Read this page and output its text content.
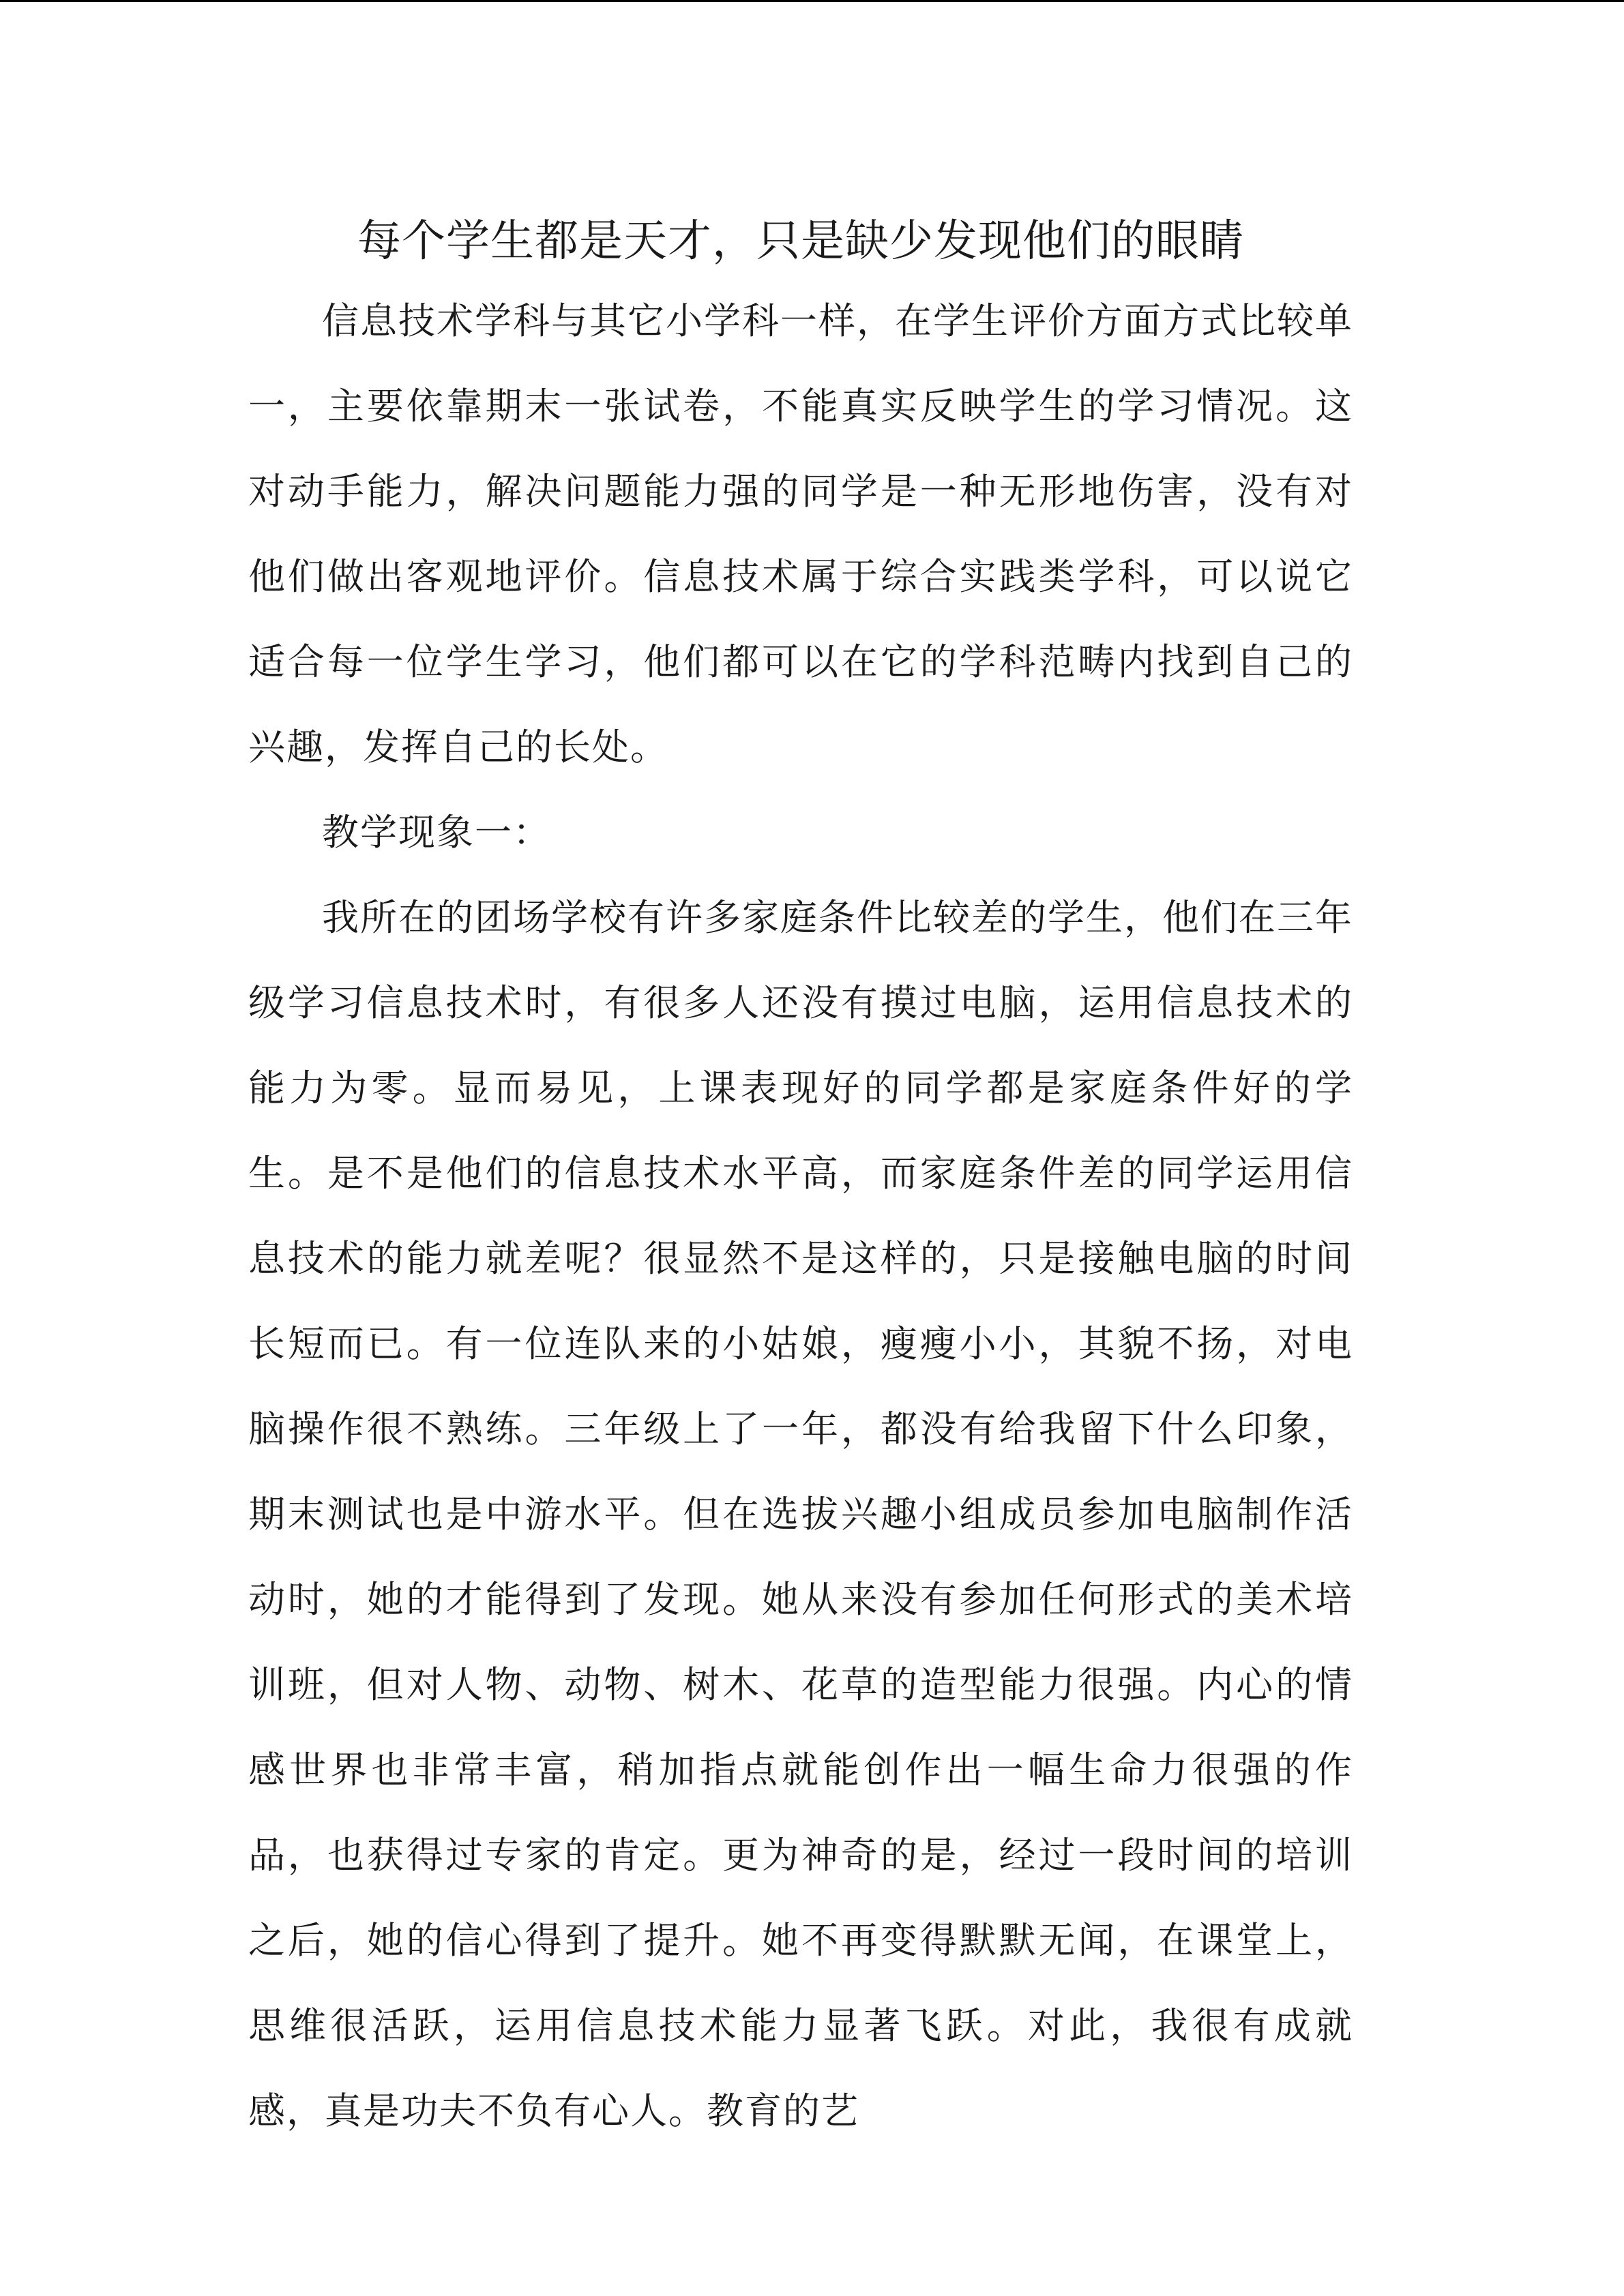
每个学生都是天才，只是缺少发现他们的眼睛

信息技术学科与其它小学科一样，在学生评价方面方式比较单一，主要依靠期末一张试卷，不能真实反映学生的学习情况。这对动手能力，解决问题能力强的同学是一种无形地伤害，没有对他们做出客观地评价。信息技术属于综合实践类学科，可以说它适合每一位学生学习，他们都可以在它的学科范畴内找到自己的兴趣，发挥自己的长处。

教学现象一：

我所在的团场学校有许多家庭条件比较差的学生，他们在三年级学习信息技术时，有很多人还没有摸过电脑，运用信息技术的能力为零。显而易见，上课表现好的同学都是家庭条件好的学生。是不是他们的信息技术水平高，而家庭条件差的同学运用信息技术的能力就差呢？很显然不是这样的，只是接触电脑的时间长短而已。有一位连队来的小姑娘，瘦瘦小小，其貌不扬，对电脑操作很不熟练。三年级上了一年，都没有给我留下什么印象，期末测试也是中游水平。但在选拔兴趣小组成员参加电脑制作活动时，她的才能得到了发现。她从来没有参加任何形式的美术培训班，但对人物、动物、树木、花草的造型能力很强。内心的情感世界也非常丰富，稍加指点就能创作出一幅生命力很强的作品，也获得过专家的肯定。更为神奇的是，经过一段时间的培训之后，她的信心得到了提升。她不再变得默默无闻，在课堂上，思维很活跃，运用信息技术能力显著飞跃。对此，我很有成就感，真是功夫不负有心人。教育的艺
